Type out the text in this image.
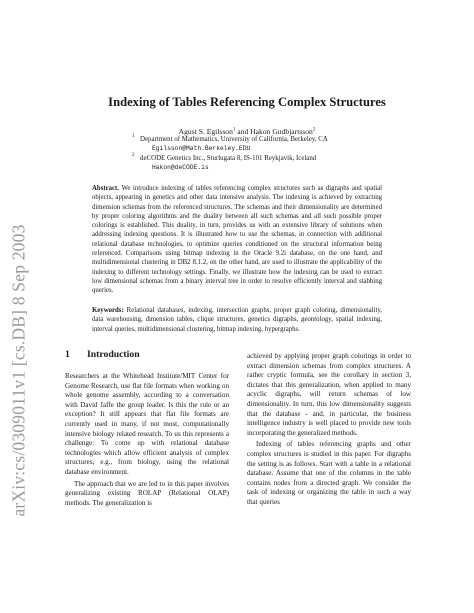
arXiv:cs/0309011v1 [cs.DB] 8 Sep 2003
Indexing of Tables Referencing Complex Structures
Agust S. Egilsson$^1$ and Hakon Gudbjartsson$^2$
1 Department of Mathematics, University of California, Berkeley, CA
Egilsson@Math.Berkeley.EDU
2 deCODE Genetics Inc., Sturlugata 8, IS-101 Reykjavik, Iceland
Hakon@deCODE.is
Abstract. We introduce indexing of tables referencing complex structures such as digraphs and spatial objects, appearing in genetics and other data intensive analysis. The indexing is achieved by extracting dimension schemas from the referenced structures. The schemas and their dimensionality are determined by proper coloring algorithms and the duality between all such schemas and all such possible proper colorings is established. This duality, in turn, provides us with an extensive library of solutions when addressing indexing questions. It is illustrated how to use the schemas, in connection with additional relational database technologies, to optimize queries conditioned on the structural information being referenced. Comparisons using bitmap indexing in the Oracle 9.2i database, on the one hand, and multidimensional clustering in DB2 8.1.2, on the other hand, are used to illustrate the applicability of the indexing to different technology settings. Finally, we illustrate how the indexing can be used to extract low dimensional schemas from a binary interval tree in order to resolve efficiently interval and stabbing queries.
Keywords: Relational databases, indexing, intersection graphs, proper graph coloring, dimensionality, data warehousing, dimension tables, clique structures, genetics digraphs, geontology, spatial indexing, interval queries, multidimensional clustering, bitmap indexing, hypergraphs.
1 Introduction

Researchers at the Whitehead Institute/MIT Center for Genome Research, use flat file formats when working on whole genome assembly, according to a conversation with David Jaffe the group leader. Is this the rule or an exception? It still appears that flat file formats are currently used in many, if not most, computationally intensive biology related research. To us this represents a challenge: To come up with relational database technologies which allow efficient analysis of complex structures, e.g., from biology, using the relational database environment.

The approach that we are led to in this paper involves generalizing existing ROLAP (Relational OLAP) methods. The generalization is

achieved by applying proper graph colorings in order to extract dimension schemas from complex structures. A rather cryptic formula, see the corollary in section 3, dictates that this generalization, when applied to many acyclic digraphs, will return schemas of low dimensionality. In turn, this low dimensionality suggests that the database - and, in particular, the business intelligence industry is well placed to provide new tools incorporating the generalized methods.

Indexing of tables referencing graphs and other complex structures is studied in this paper. For digraphs the setting is as follows. Start with a table in a relational database. Assume that one of the columns in the table contains nodes from a directed graph. We consider the task of indexing or organizing the table in such a way that queries
